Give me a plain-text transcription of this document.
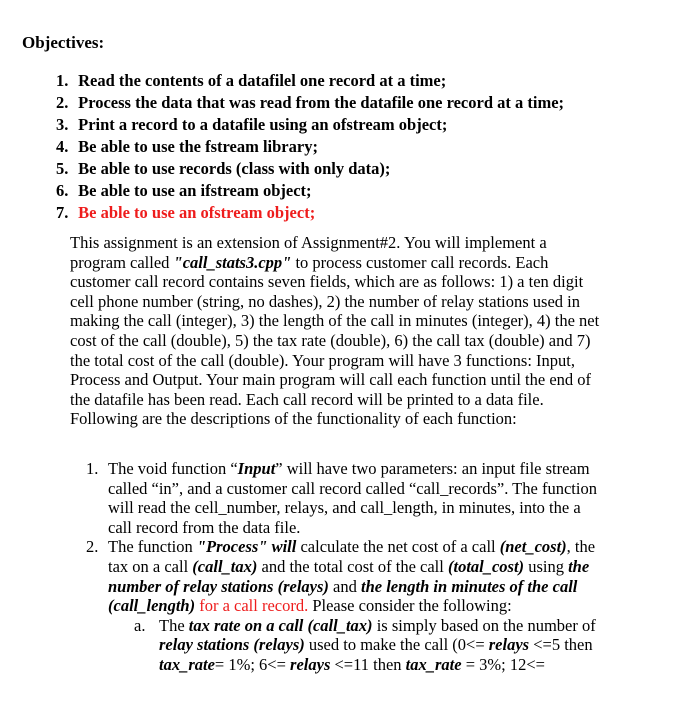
Objectives:
1. Read the contents of a datafilel one record at a time;
2. Process the data that was read from the datafile one record at a time;
3. Print a record to a datafile using an ofstream object;
4. Be able to use the fstream library;
5. Be able to use records (class with only data);
6. Be able to use an ifstream object;
7. Be able to use an ofstream object;
This assignment is an extension of Assignment#2. You will implement a
program called "call_stats3.cpp" to process customer call records. Each
customer call record contains seven fields, which are as follows: 1) a ten digit
cell phone number (string, no dashes), 2) the number of relay stations used in
making the call (integer), 3) the length of the call in minutes (integer), 4) the net
cost of the call (double), 5) the tax rate (double), 6) the call tax (double) and 7)
the total cost of the call (double). Your program will have 3 functions: Input,
Process and Output. Your main program will call each function until the end of
the datafile has been read. Each call record will be printed to a data file.
Following are the descriptions of the functionality of each function:
1. The void function “Input” will have two parameters: an input file stream
called “in”, and a customer call record called “call_records”. The function
will read the cell_number, relays, and call_length, in minutes, into the a
call record from the data file.
2. The function "Process" will calculate the net cost of a call (net_cost), the
tax on a call (call_tax) and the total cost of the call (total_cost) using the
number of relay stations (relays) and the length in minutes of the call
(call_length) for a call record. Please consider the following:
a. The tax rate on a call (call_tax) is simply based on the number of
relay stations (relays) used to make the call (0<= relays <=5 then
tax_rate= 1%; 6<= relays <=11 then tax_rate = 3%; 12<=
